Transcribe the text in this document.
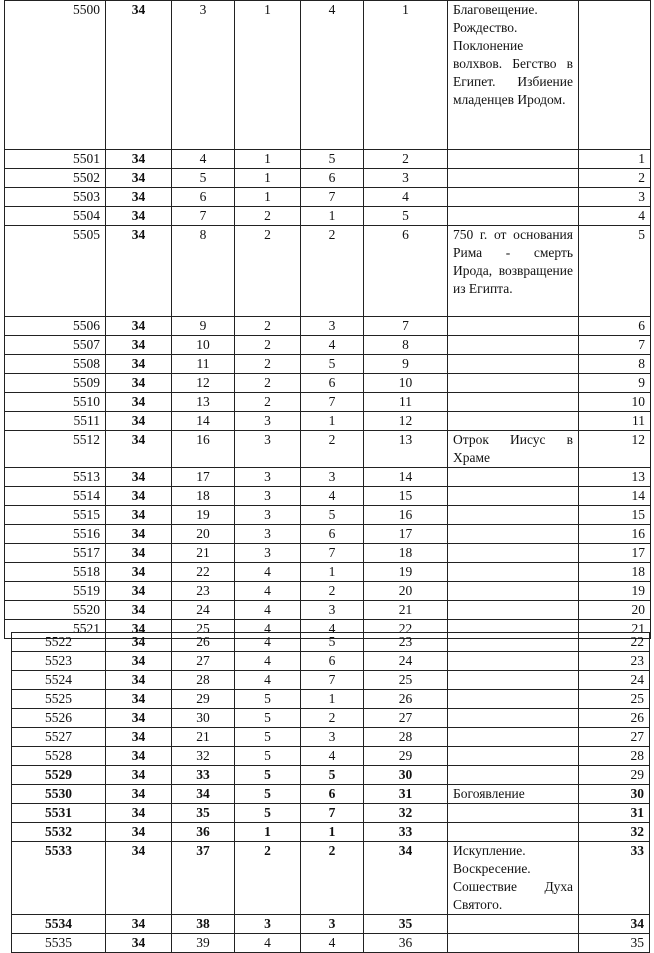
5500	34	3	1	4	1	Благовещение. Рождество. Поклонение волхвов. Бегство в Египет. Избиение младенцев Иродом.	
5501	34	4	1	5	2		1
5502	34	5	1	6	3		2
5503	34	6	1	7	4		3
5504	34	7	2	1	5		4
5505	34	8	2	2	6	750 г. от основания Рима - смерть Ирода, возвращение из Египта.	5
5506	34	9	2	3	7		6
5507	34	10	2	4	8		7
5508	34	11	2	5	9		8
5509	34	12	2	6	10		9
5510	34	13	2	7	11		10
5511	34	14	3	1	12		11
5512	34	16	3	2	13	Отрок Иисус в Храме	12
5513	34	17	3	3	14		13
5514	34	18	3	4	15		14
5515	34	19	3	5	16		15
5516	34	20	3	6	17		16
5517	34	21	3	7	18		17
5518	34	22	4	1	19		18
5519	34	23	4	2	20		19
5520	34	24	4	3	21		20
5521	34	25	4	4	22		21
5522	34	26	4	5	23		22
5523	34	27	4	6	24		23
5524	34	28	4	7	25		24
5525	34	29	5	1	26		25
5526	34	30	5	2	27		26
5527	34	21	5	3	28		27
5528	34	32	5	4	29		28
5529	34	33	5	5	30		29
5530	34	34	5	6	31	Богоявление	30
5531	34	35	5	7	32		31
5532	34	36	1	1	33		32
5533	34	37	2	2	34	Искупление. Воскресение. Сошествие Духа Святого.	33
5534	34	38	3	3	35		34
5535	34	39	4	4	36		35
